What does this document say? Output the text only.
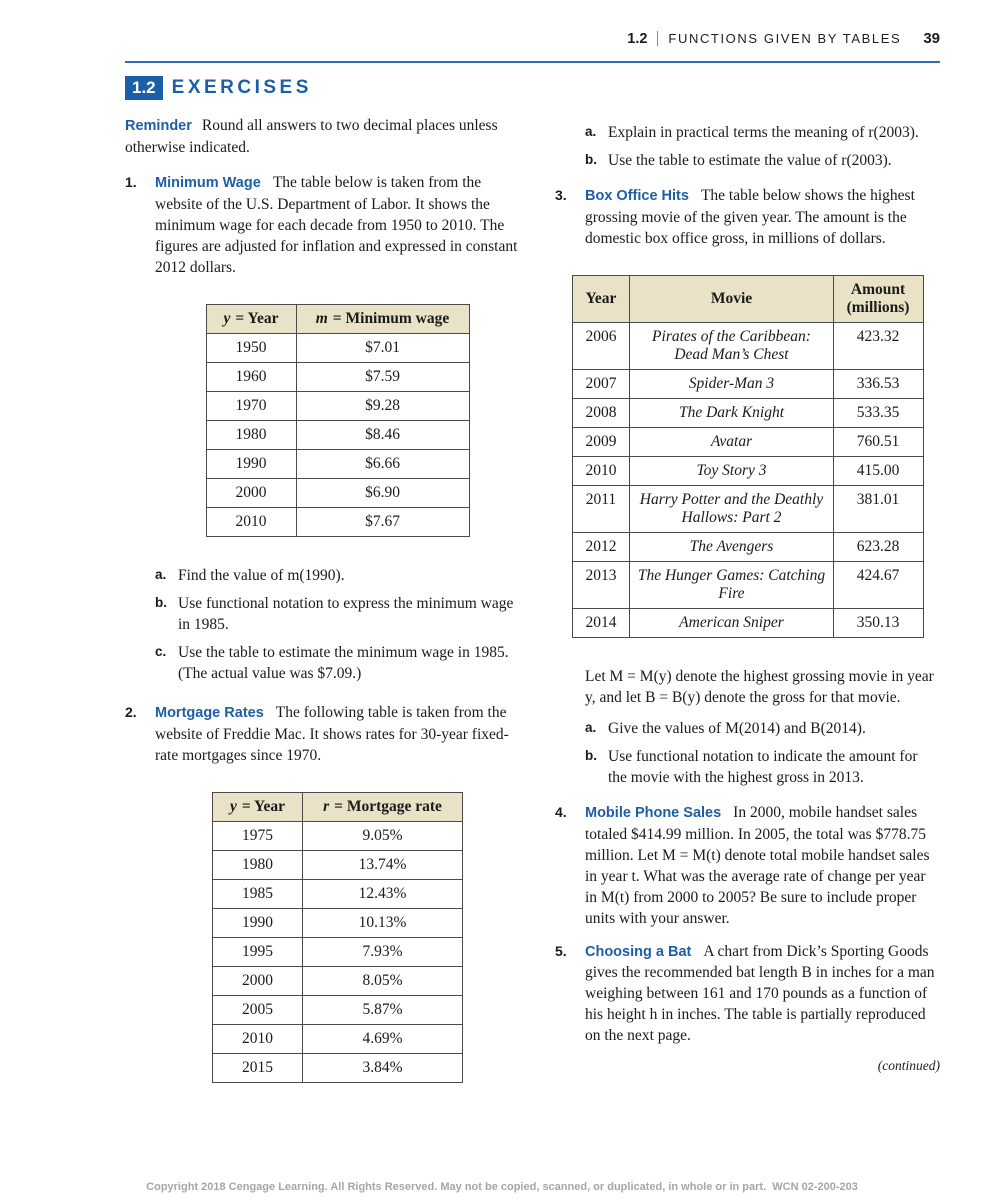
1.2 FUNCTIONS GIVEN BY TABLES 39
1.2 EXERCISES

Reminder Round all answers to two decimal places unless otherwise indicated.

1.	Minimum Wage The table below is taken from the website of the U.S. Department of Labor. It shows the minimum wage for each decade from 1950 to 2010. The figures are adjusted for inflation and expressed in constant 2012 dollars.

y = Year	m = Minimum wage
1950	$7.01
1960	$7.59
1970	$9.28
1980	$8.46
1990	$6.66
2000	$6.90
2010	$7.67
a. Find the value of m(1990).
b. Use functional notation to express the minimum wage in 1985.
c. Use the table to estimate the minimum wage in 1985. (The actual value was $7.09.)
2.	Mortgage Rates The following table is taken from the website of Freddie Mac. It shows rates for 30-year fixed-rate mortgages since 1970.

y = Year	r = Mortgage rate
1975	9.05%
1980	13.74%
1985	12.43%
1990	10.13%
1995	7.93%
2000	8.05%
2005	5.87%
2010	4.69%
2015	3.84%
a. Explain in practical terms the meaning of r(2003).
b. Use the table to estimate the value of r(2003).
3.	Box Office Hits The table below shows the highest grossing movie of the given year. The amount is the domestic box office gross, in millions of dollars.

Year	Movie	Amount (millions)
2006	Pirates of the Caribbean: Dead Man’s Chest	423.32
2007	Spider-Man 3	336.53
2008	The Dark Knight	533.35
2009	Avatar	760.51
2010	Toy Story 3	415.00
2011	Harry Potter and the Deathly Hallows: Part 2	381.01
2012	The Avengers	623.28
2013	The Hunger Games: Catching Fire	424.67
2014	American Sniper	350.13

Let M = M(y) denote the highest grossing movie in year y, and let B = B(y) denote the gross for that movie.

a. Give the values of M(2014) and B(2014).
b. Use functional notation to indicate the amount for the movie with the highest gross in 2013.
4.	Mobile Phone Sales In 2000, mobile handset sales totaled $414.99 million. In 2005, the total was $778.75 million. Let M = M(t) denote total mobile handset sales in year t. What was the average rate of change per year in M(t) from 2000 to 2005? Be sure to include proper units with your answer.

5.	Choosing a Bat A chart from Dick’s Sporting Goods gives the recommended bat length B in inches for a man weighing between 161 and 170 pounds as a function of his height h in inches. The table is partially reproduced on the next page.

(continued)
Copyright 2018 Cengage Learning. All Rights Reserved. May not be copied, scanned, or duplicated, in whole or in part.  WCN 02-200-203
